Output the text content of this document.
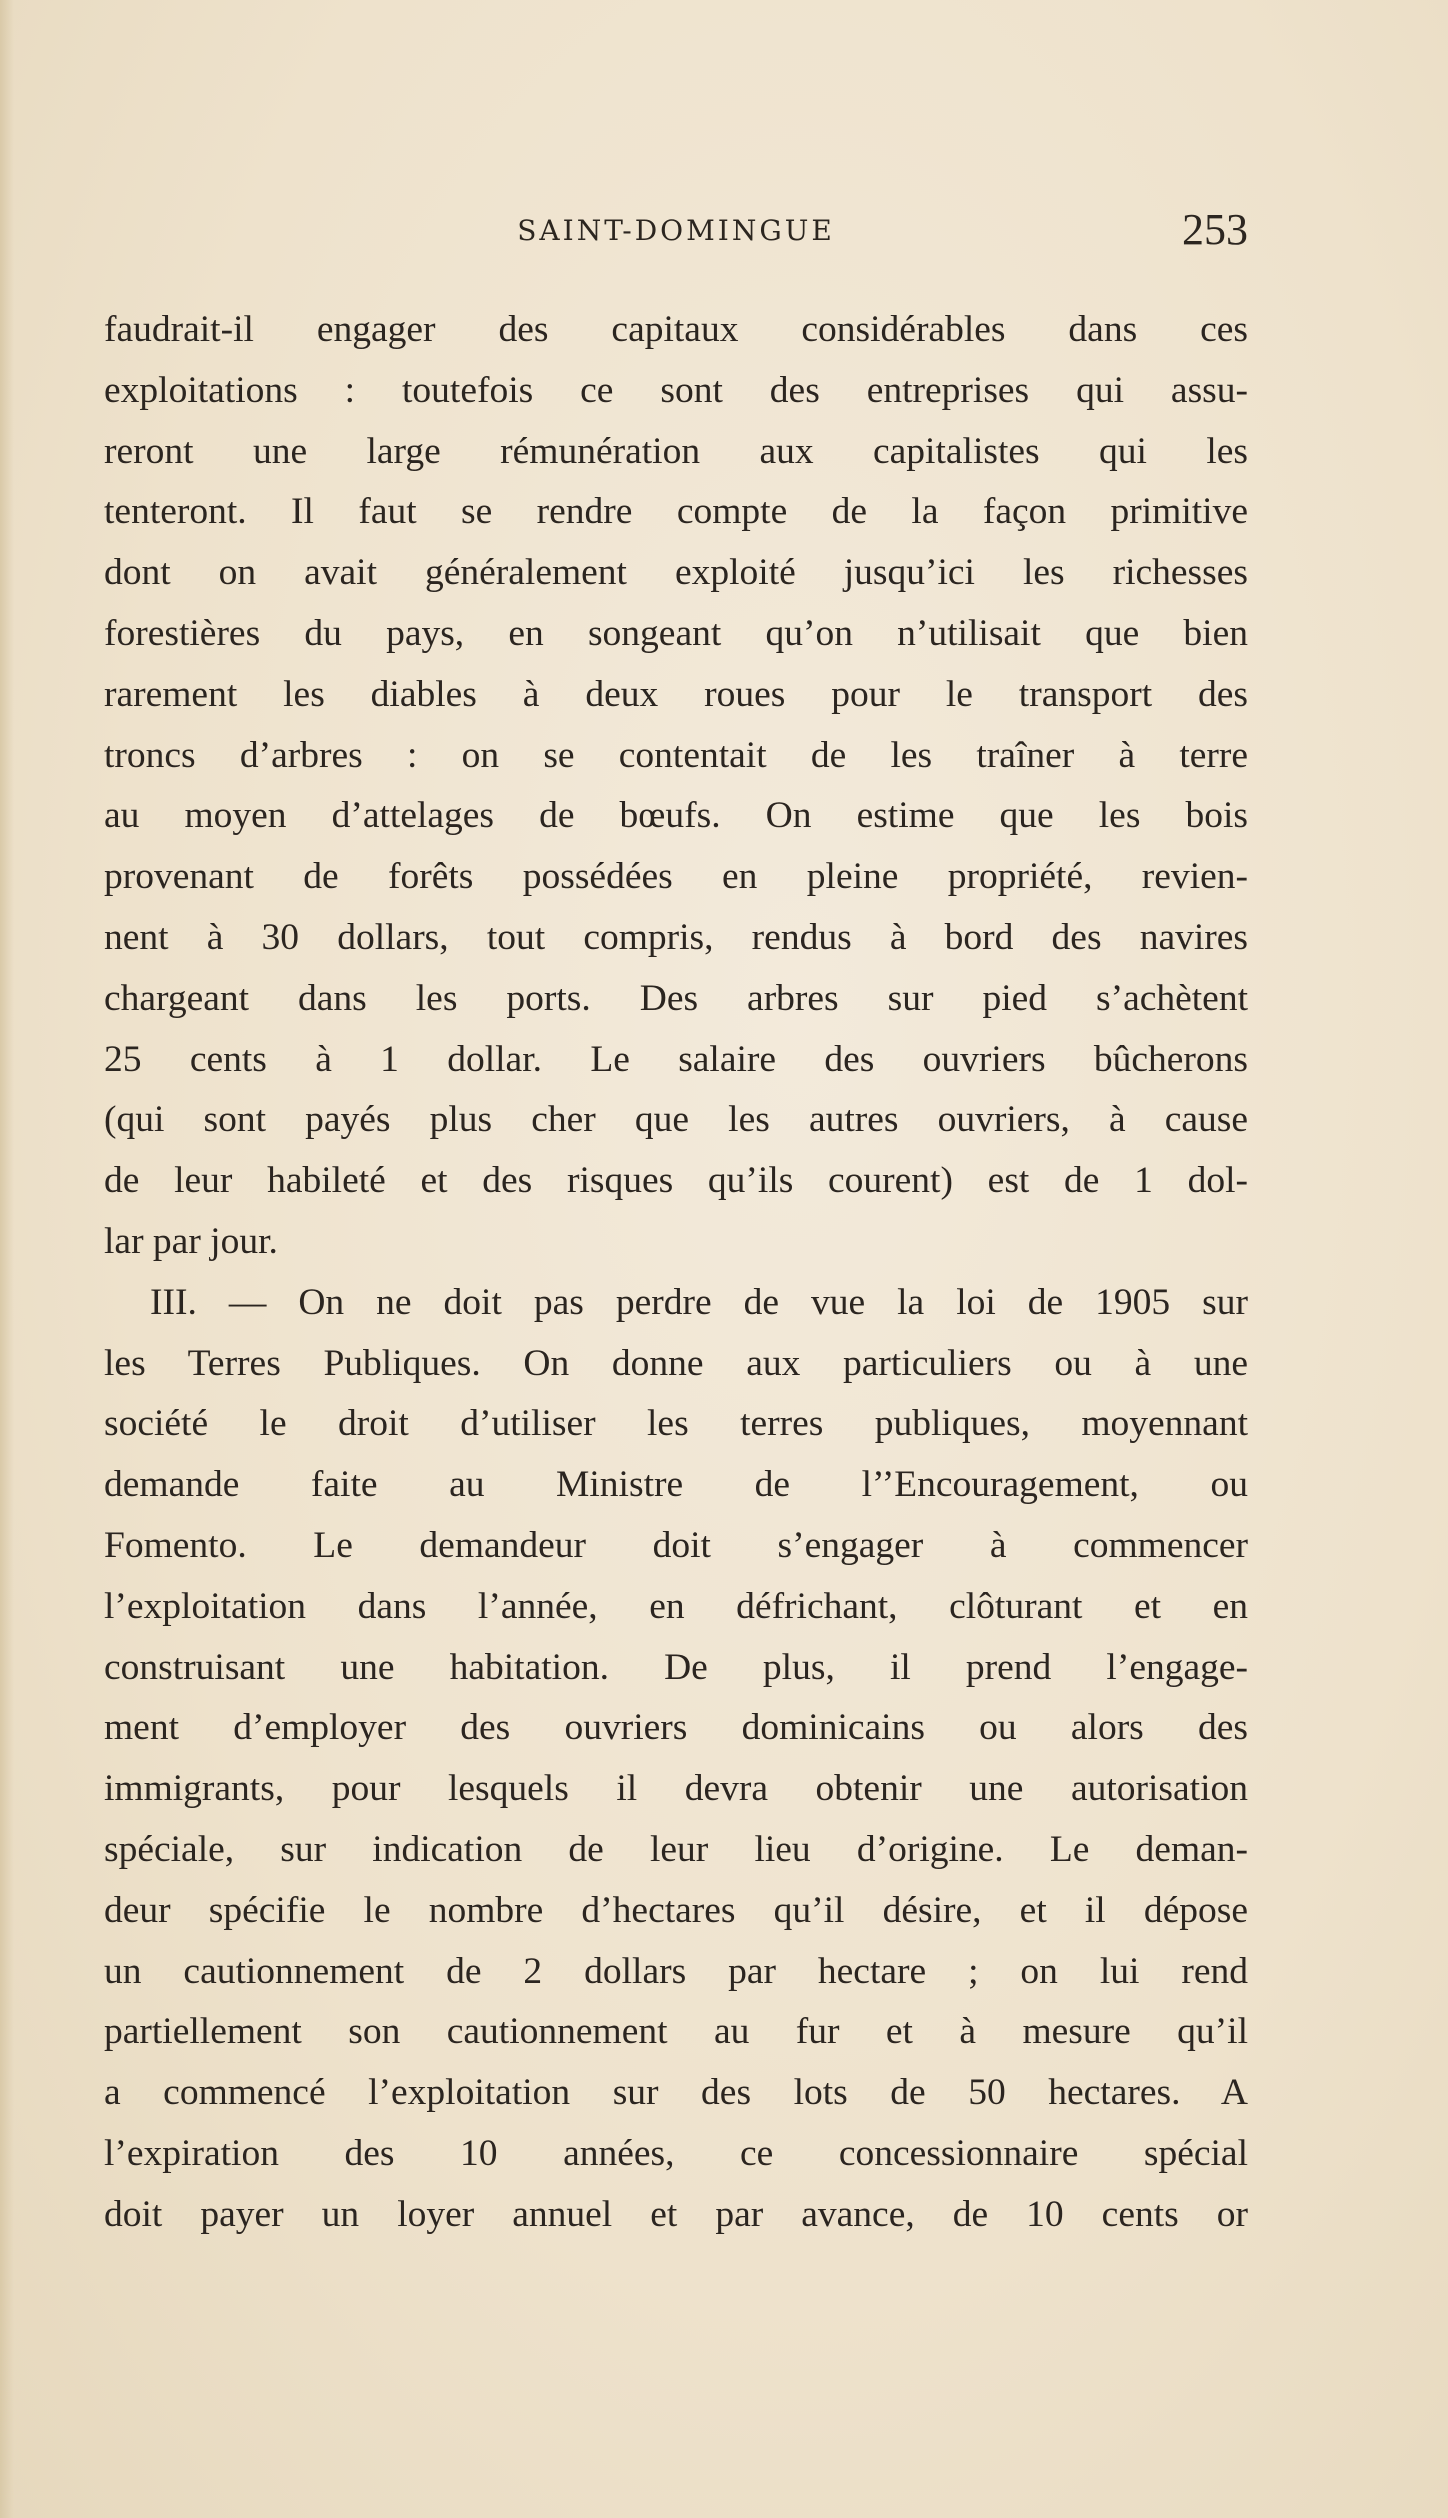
SAINT-DOMINGUE	253
faudrait-il engager des capitaux considérables dans ces
exploitations : toutefois ce sont des entreprises qui assu-
reront une large rémunération aux capitalistes qui les
tenteront. Il faut se rendre compte de la façon primitive
dont on avait généralement exploité jusqu’ici les richesses
forestières du pays, en songeant qu’on n’utilisait que bien
rarement les diables à deux roues pour le transport des
troncs d’arbres : on se contentait de les traîner à terre
au moyen d’attelages de bœufs. On estime que les bois
provenant de forêts possédées en pleine propriété, revien-
nent à 30 dollars, tout compris, rendus à bord des navires
chargeant dans les ports. Des arbres sur pied s’achètent
25 cents à 1 dollar. Le salaire des ouvriers bûcherons
(qui sont payés plus cher que les autres ouvriers, à cause
de leur habileté et des risques qu’ils courent) est de 1 dol-
lar par jour.
III. — On ne doit pas perdre de vue la loi de 1905 sur
les Terres Publiques. On donne aux particuliers ou à une
société le droit d’utiliser les terres publiques, moyennant
demande faite au Ministre de l’’Encouragement, ou
Fomento. Le demandeur doit s’engager à commencer
l’exploitation dans l’année, en défrichant, clôturant et en
construisant une habitation. De plus, il prend l’engage-
ment d’employer des ouvriers dominicains ou alors des
immigrants, pour lesquels il devra obtenir une autorisation
spéciale, sur indication de leur lieu d’origine. Le deman-
deur spécifie le nombre d’hectares qu’il désire, et il dépose
un cautionnement de 2 dollars par hectare ; on lui rend
partiellement son cautionnement au fur et à mesure qu’il
a commencé l’exploitation sur des lots de 50 hectares. A
l’expiration des 10 années, ce concessionnaire spécial
doit payer un loyer annuel et par avance, de 10 cents or
